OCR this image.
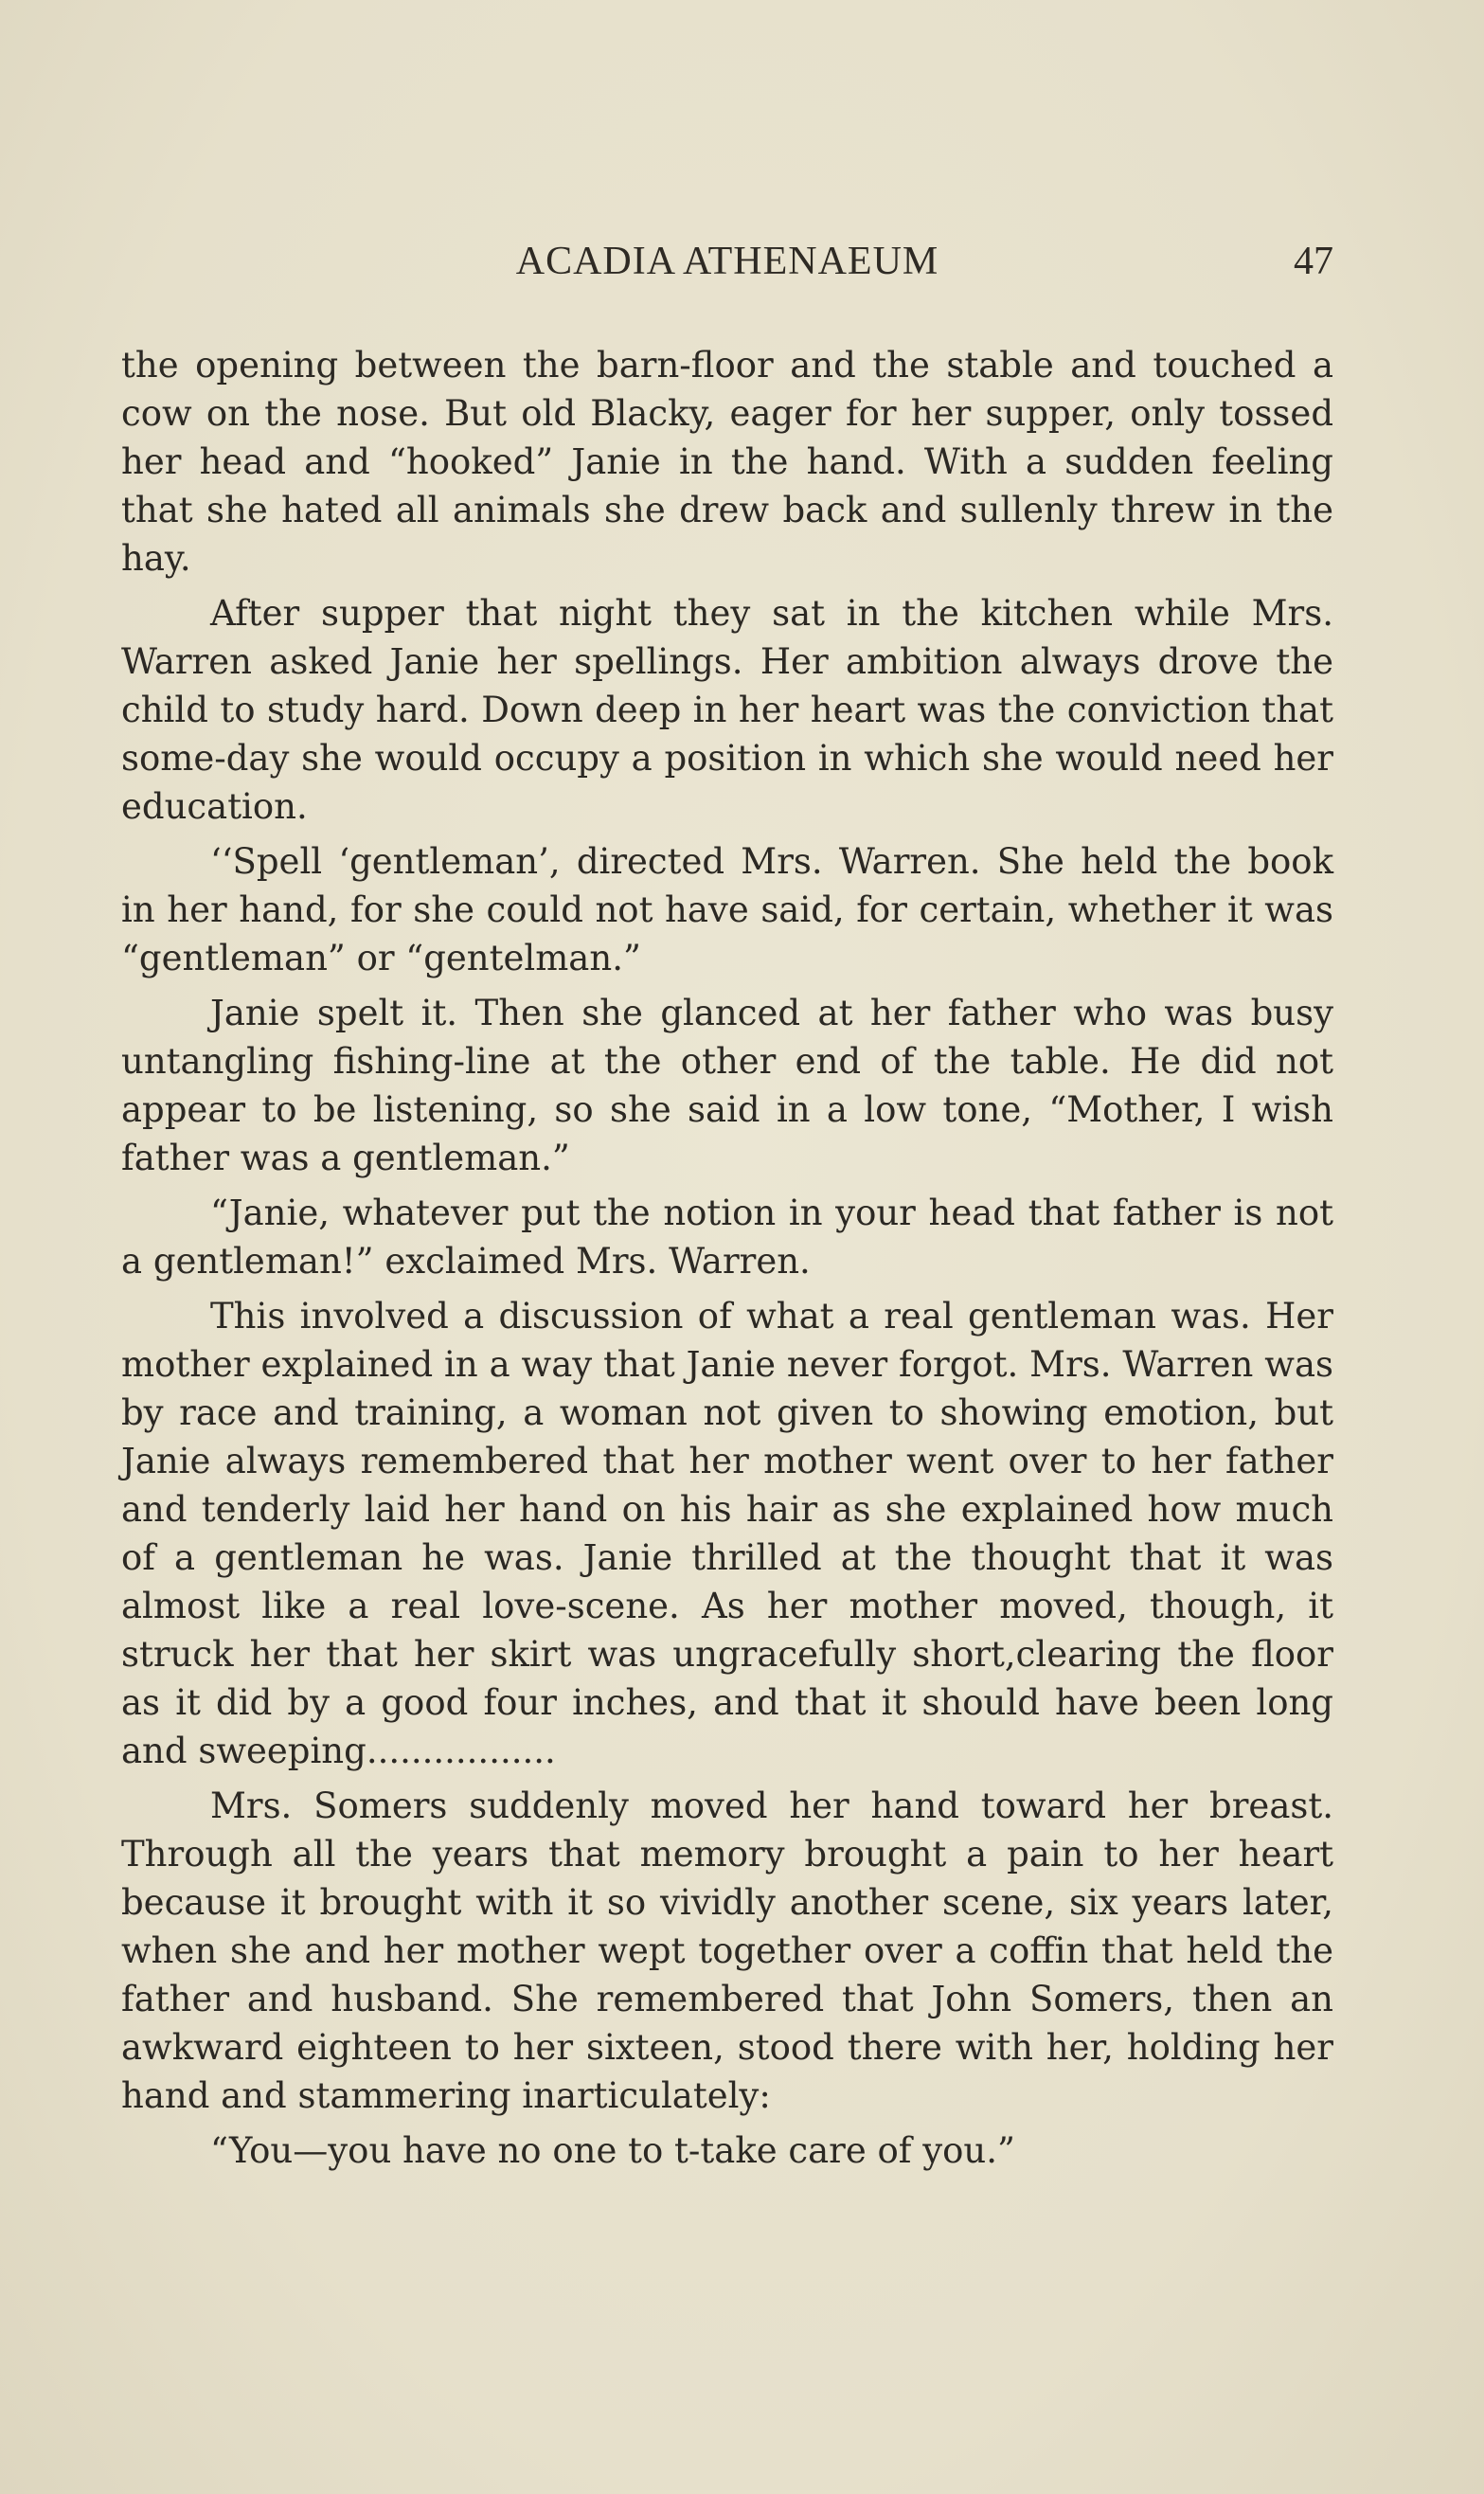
ACADIA ATHENAEUM	47

the opening between the barn-floor and the stable and touched a cow on the nose. But old Blacky, eager for her supper, only tossed her head and “hooked” Janie in the hand. With a sudden feeling that she hated all animals she drew back and sullenly threw in the hay.

After supper that night they sat in the kitchen while Mrs. Warren asked Janie her spellings. Her ambition always drove the child to study hard. Down deep in her heart was the conviction that some-day she would occupy a position in which she would need her education.

‘‘Spell ‘gentleman’, directed Mrs. Warren. She held the book in her hand, for she could not have said, for certain, whether it was “gentleman” or “gentelman.”

Janie spelt it. Then she glanced at her father who was busy untangling fishing-line at the other end of the table. He did not appear to be listening, so she said in a low tone, “Mother, I wish father was a gentleman.”

“Janie, whatever put the notion in your head that father is not a gentleman!” exclaimed Mrs. Warren.

This involved a discussion of what a real gentleman was. Her mother explained in a way that Janie never forgot. Mrs. Warren was by race and training, a woman not given to showing emotion, but Janie always remembered that her mother went over to her father and tenderly laid her hand on his hair as she explained how much of a gentleman he was. Janie thrilled at the thought that it was almost like a real love-scene. As her mother moved, though, it struck her that her skirt was ungracefully short,clearing the floor as it did by a good four inches, and that it should have been long and sweeping.................

Mrs. Somers suddenly moved her hand toward her breast. Through all the years that memory brought a pain to her heart because it brought with it so vividly another scene, six years later, when she and her mother wept together over a coffin that held the father and husband. She remembered that John Somers, then an awkward eighteen to her sixteen, stood there with her, holding her hand and stammering inarticulately:

“You—you have no one to t-take care of you.”
